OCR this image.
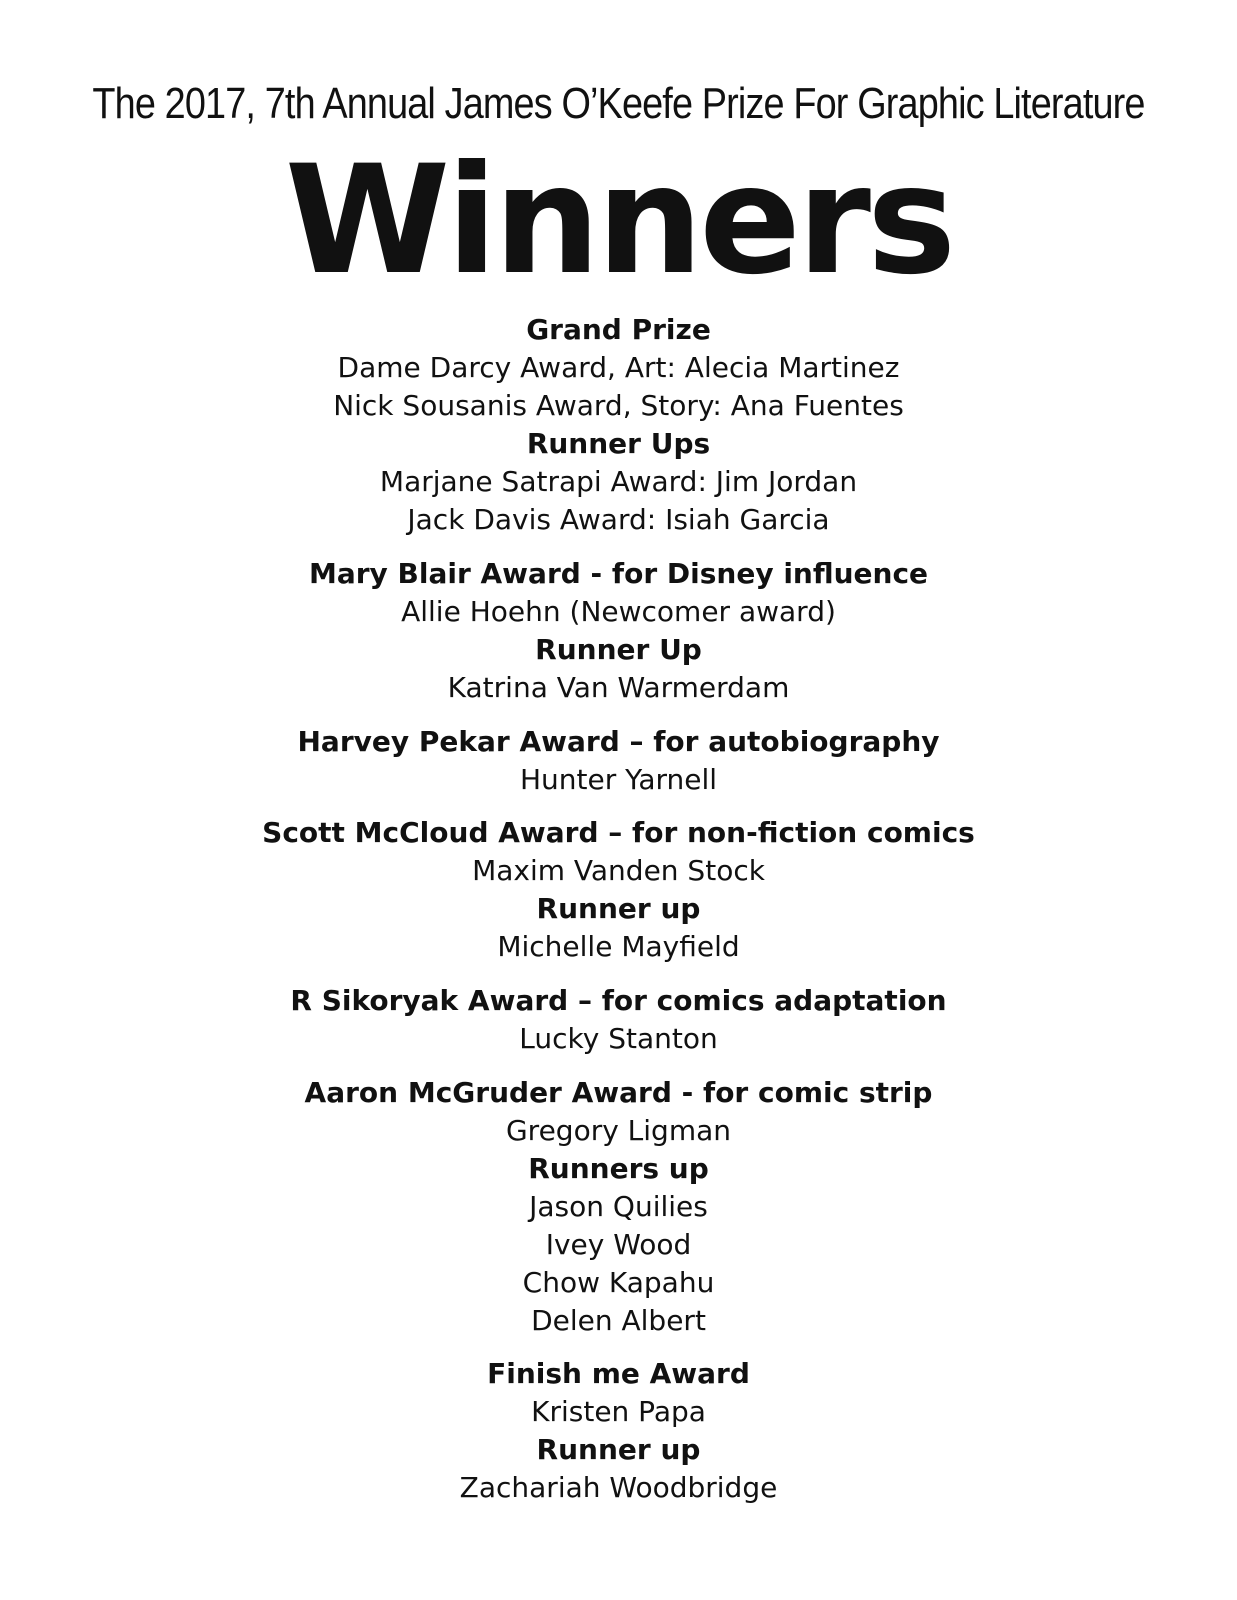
The 2017, 7th Annual James O’Keefe Prize For Graphic Literature
Winners
Grand Prize
Dame Darcy Award, Art: Alecia Martinez
Nick Sousanis Award, Story: Ana Fuentes
Runner Ups
Marjane Satrapi Award: Jim Jordan
Jack Davis Award: Isiah Garcia
Mary Blair Award - for Disney influence
Allie Hoehn (Newcomer award)
Runner Up
Katrina Van Warmerdam
Harvey Pekar Award – for autobiography
Hunter Yarnell
Scott McCloud Award – for non-fiction comics
Maxim Vanden Stock
Runner up
Michelle Mayfield
R Sikoryak Award – for comics adaptation
Lucky Stanton
Aaron McGruder Award - for comic strip
Gregory Ligman
Runners up
Jason Quilies
Ivey Wood
Chow Kapahu
Delen Albert
Finish me Award
Kristen Papa
Runner up
Zachariah Woodbridge
